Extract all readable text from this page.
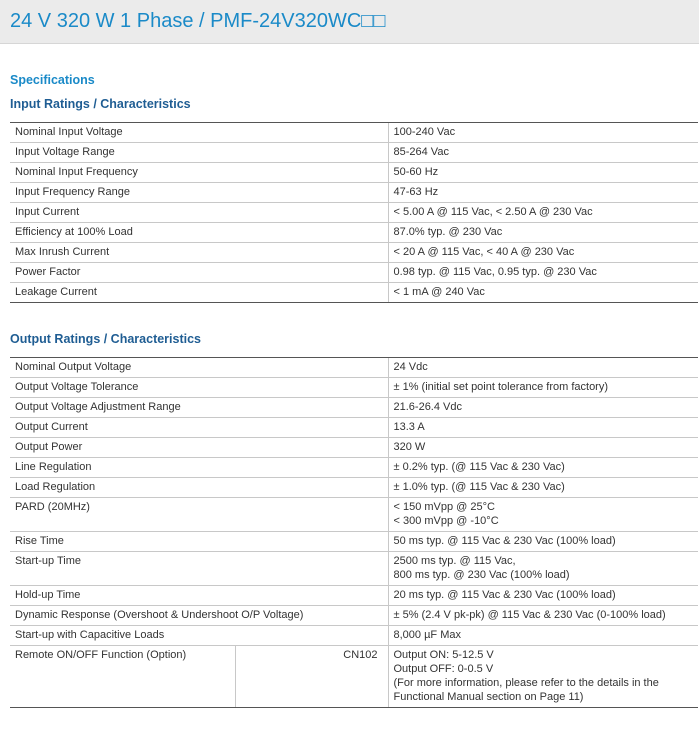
24 V 320 W 1 Phase / PMF-24V320WC□□
Specifications
Input Ratings / Characteristics
Nominal Input Voltage	100-240 Vac
Input Voltage Range	85-264 Vac
Nominal Input Frequency	50-60 Hz
Input Frequency Range	47-63 Hz
Input Current	< 5.00 A @ 115 Vac, < 2.50 A @ 230 Vac
Efficiency at 100% Load	87.0% typ. @ 230 Vac
Max Inrush Current	< 20 A @ 115 Vac, < 40 A @ 230 Vac
Power Factor	0.98 typ. @ 115 Vac, 0.95 typ. @ 230 Vac
Leakage Current	< 1 mA @ 240 Vac
Output Ratings / Characteristics
Nominal Output Voltage		24 Vdc

Output Voltage Tolerance		± 1% (initial set point tolerance from factory)

Output Voltage Adjustment Range		21.6-26.4 Vdc

Output Current		13.3 A

Output Power		320 W

Line Regulation		± 0.2% typ. (@ 115 Vac & 230 Vac)

Load Regulation		± 1.0% typ. (@ 115 Vac & 230 Vac)

PARD (20MHz)		< 150 mVpp @ 25°C
< 300 mVpp @ -10°C

Rise Time		50 ms typ. @ 115 Vac & 230 Vac (100% load)

Start-up Time		2500 ms typ. @ 115 Vac,
800 ms typ. @ 230 Vac (100% load)

Hold-up Time		20 ms typ. @ 115 Vac & 230 Vac (100% load)

Dynamic Response (Overshoot & Undershoot O/P Voltage)		± 5% (2.4 V pk-pk) @ 115 Vac & 230 Vac (0-100% load)

Start-up with Capacitive Loads		8,000 µF Max

Remote ON/OFF Function (Option)	CN102	Output ON: 5-12.5 V
Output OFF: 0-0.5 V
(For more information, please refer to the details in the
Functional Manual section on Page 11)
